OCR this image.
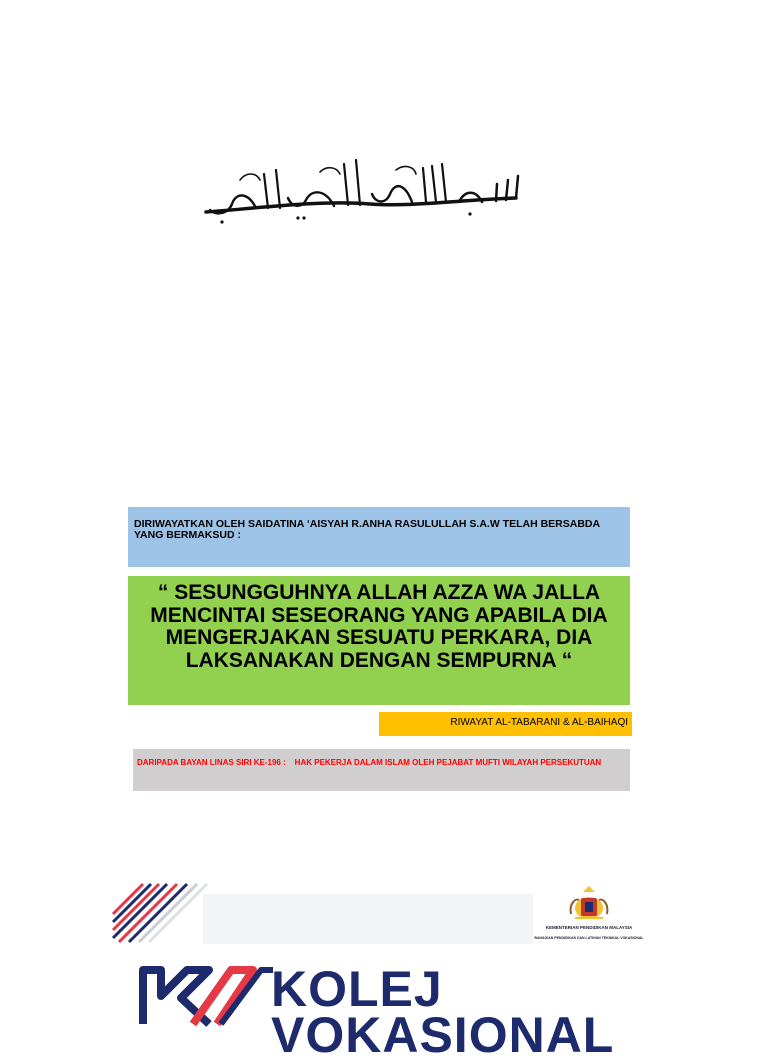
DIRIWAYATKAN OLEH SAIDATINA ‘AISYAH R.ANHA RASULULLAH S.A.W TELAH BERSABDA YANG BERMAKSUD :
“ SESUNGGUHNYA ALLAH AZZA WA JALLA MENCINTAI SESEORANG YANG APABILA DIA MENGERJAKAN SESUATU PERKARA, DIA LAKSANAKAN DENGAN SEMPURNA “
RIWAYAT AL-TABARANI & AL-BAIHAQI
DARIPADA BAYAN LINAS SIRI KE-196 :    HAK PEKERJA DALAM ISLAM OLEH PEJABAT MUFTI WILAYAH PERSEKUTUAN
KEMENTERIAN PENDIDIKAN MALAYSIA
BAHAGIAN PENDIDIKAN DAN LATIHAN TEKNIKAL VOKASIONAL
KOLEJ
VOKASIONAL
